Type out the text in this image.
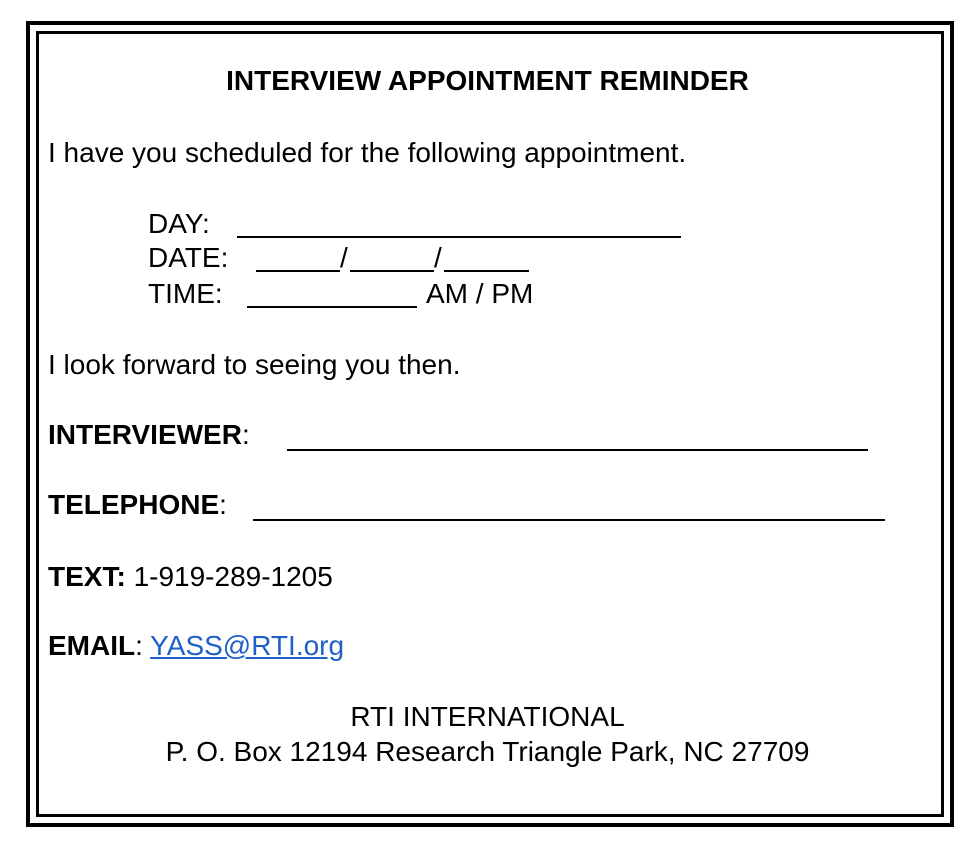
INTERVIEW APPOINTMENT REMINDER
I have you scheduled for the following appointment.
DAY:
DATE:	/	/
TIME:	AM / PM
I look forward to seeing you then.
INTERVIEWER:
TELEPHONE:
TEXT: 1-919-289-1205
EMAIL: YASS@RTI.org
RTI INTERNATIONAL
P. O. Box 12194 Research Triangle Park, NC 27709
